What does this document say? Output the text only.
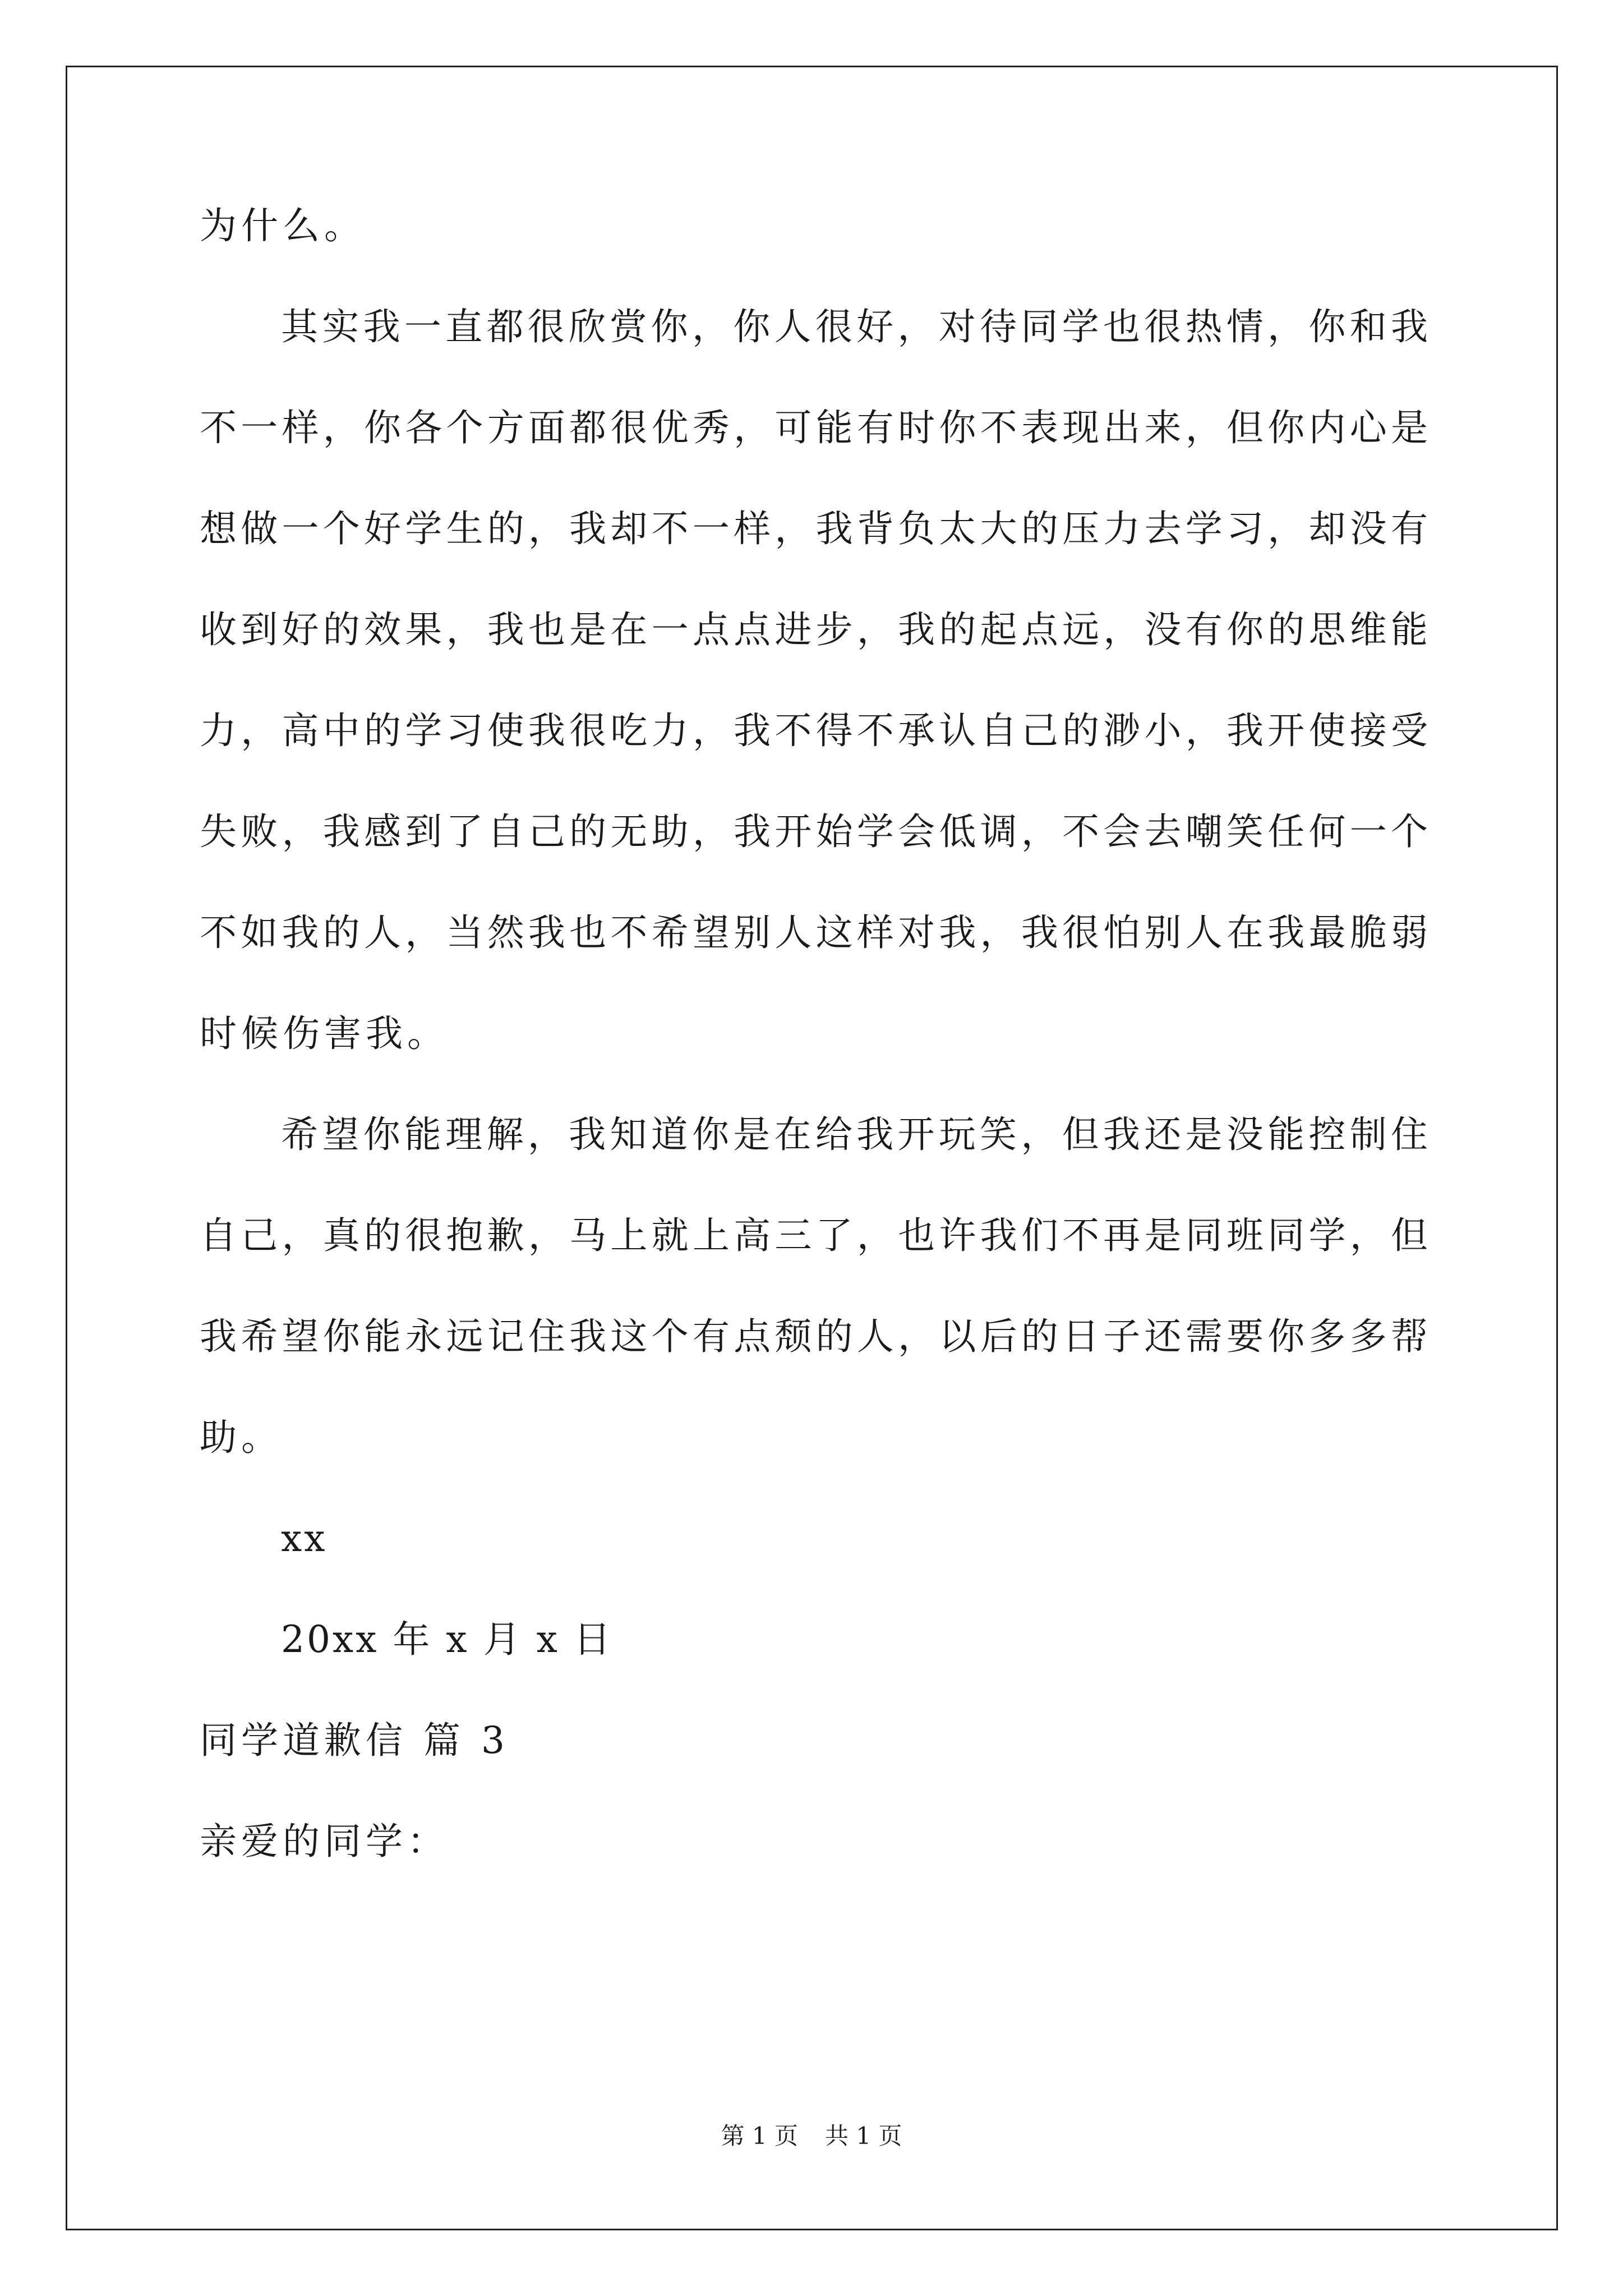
为什么。
其实我一直都很欣赏你，你人很好，对待同学也很热情，你和我
不一样，你各个方面都很优秀，可能有时你不表现出来，但你内心是
想做一个好学生的，我却不一样，我背负太大的压力去学习，却没有
收到好的效果，我也是在一点点进步，我的起点远，没有你的思维能
力，高中的学习使我很吃力，我不得不承认自己的渺小，我开使接受
失败，我感到了自己的无助，我开始学会低调，不会去嘲笑任何一个
不如我的人，当然我也不希望别人这样对我，我很怕别人在我最脆弱
时候伤害我。
希望你能理解，我知道你是在给我开玩笑，但我还是没能控制住
自己，真的很抱歉，马上就上高三了，也许我们不再是同班同学，但
我希望你能永远记住我这个有点颓的人，以后的日子还需要你多多帮
助。
xx
20xx 年 x 月 x 日
同学道歉信 篇 3
亲爱的同学：
第 1 页 共 1 页
